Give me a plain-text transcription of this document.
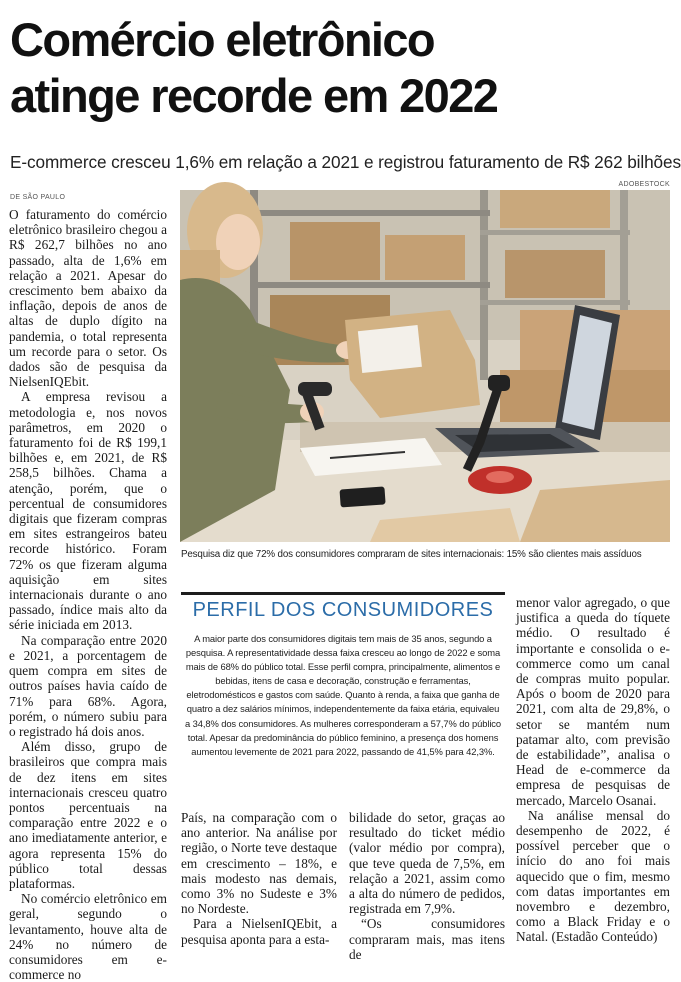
Comércio eletrônico
atinge recorde em 2022
E-commerce cresceu 1,6% em relação a 2021 e registrou faturamento de R$ 262 bilhões
DE SÃO PAULO
ADOBESTOCK

O faturamento do comércio eletrônico brasileiro chegou a R$ 262,7 bilhões no ano passado, alta de 1,6% em relação a 2021. Apesar do crescimento bem abaixo da inflação, depois de anos de altas de duplo dígito na pandemia, o total representa um recorde para o setor. Os dados são de pesquisa da NielsenIQEbit.

A empresa revisou a metodologia e, nos novos parâmetros, em 2020 o faturamento foi de R$ 199,1 bilhões e, em 2021, de R$ 258,5 bilhões. Chama a atenção, porém, que o percentual de consumidores digitais que fizeram compras em sites estrangeiros bateu recorde histórico. Foram 72% os que fizeram alguma aquisição em sites internacionais durante o ano passado, índice mais alto da série iniciada em 2013.

Na comparação entre 2020 e 2021, a porcentagem de quem compra em sites de outros países havia caído de 71% para 68%. Agora, porém, o número subiu para o registrado há dois anos.

Além disso, grupo de brasileiros que compra mais de dez itens em sites internacionais cresceu quatro pontos percentuais na comparação entre 2022 e o ano imediatamente anterior, e agora representa 15% do público total dessas plataformas.

No comércio eletrônico em geral, segundo o levantamento, houve alta de 24% no número de consumidores em e-commerce no

Pesquisa diz que 72% dos consumidores compraram de sites internacionais: 15% são clientes mais assíduos
PERFIL DOS CONSUMIDORES
A maior parte dos consumidores digitais tem mais de 35 anos, segundo a pesquisa. A representatividade dessa faixa cresceu ao longo de 2022 e soma mais de 68% do público total. Esse perfil compra, principalmente, alimentos e bebidas, itens de casa e decoração, construção e ferramentas, eletrodomésticos e gastos com saúde. Quanto à renda, a faixa que ganha de quatro a dez salários mínimos, independentemente da faixa etária, equivaleu a 34,8% dos consumidores. As mulheres corresponderam a 57,7% do público total. Apesar da predominância do público feminino, a presença dos homens aumentou levemente de 2021 para 2022, passando de 41,5% para 42,3%.

País, na comparação com o ano anterior. Na análise por região, o Norte teve destaque em crescimento – 18%, e mais modesto nas demais, como 3% no Sudeste e 3% no Nordeste.

Para a NielsenIQEbit, a pesquisa aponta para a esta-

bilidade do setor, graças ao resultado do ticket médio (valor médio por compra), que teve queda de 7,5%, em relação a 2021, assim como a alta do número de pedidos, registrada em 7,9%.

“Os consumidores compraram mais, mas itens de

menor valor agregado, o que justifica a queda do tíquete médio. O resultado é importante e consolida o e-commerce como um canal de compras muito popular. Após o boom de 2020 para 2021, com alta de 29,8%, o setor se mantém num patamar alto, com previsão de estabilidade”, analisa o Head de e-commerce da empresa de pesquisas de mercado, Marcelo Osanai.

Na análise mensal do desempenho de 2022, é possível perceber que o início do ano foi mais aquecido que o fim, mesmo com datas importantes em novembro e dezembro, como a Black Friday e o Natal. (Estadão Conteúdo)
